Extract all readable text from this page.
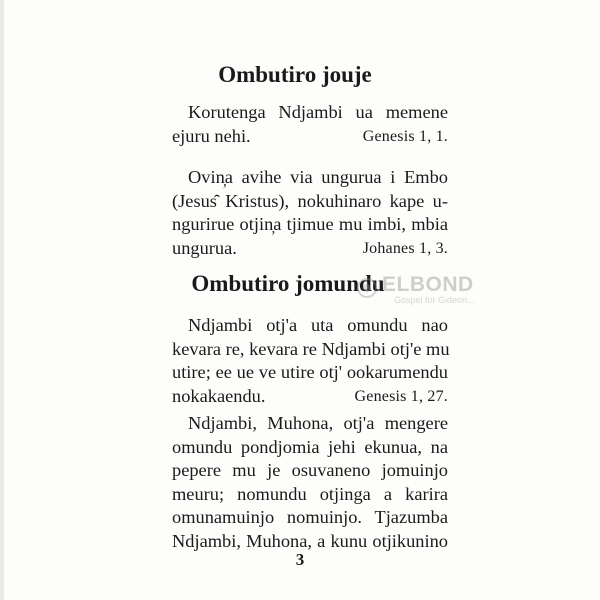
Ombutiro jouje

Korutenga Ndjambi ua memene
ejuru nehi.	Genesis 1, 1.

Ovin̦a avihe via ungurua i Embo
(Jesus̑ Kristus), nokuhinaro kape u-
ngurirue otjin̦a tjimue mu imbi, mbia
ungurua.	Johanes 1, 3.

Ombutiro jomundu
ELBOND
Gospel for Gideon...

Ndjambi otj'a uta omundu nao
kevara re, kevara re Ndjambi otj'e mu
utire; ee ue ve utire otj' ookarumendu
nokakaendu.	Genesis 1, 27.

Ndjambi, Muhona, otj'a mengere
omundu pondjomia jehi ekunua, na
pepere mu je osuvaneno jomuinjo
meuru; nomundu otjinga a karira
omunamuinjo nomuinjo. Tjazumba
Ndjambi, Muhona, a kunu otjikunino

3
